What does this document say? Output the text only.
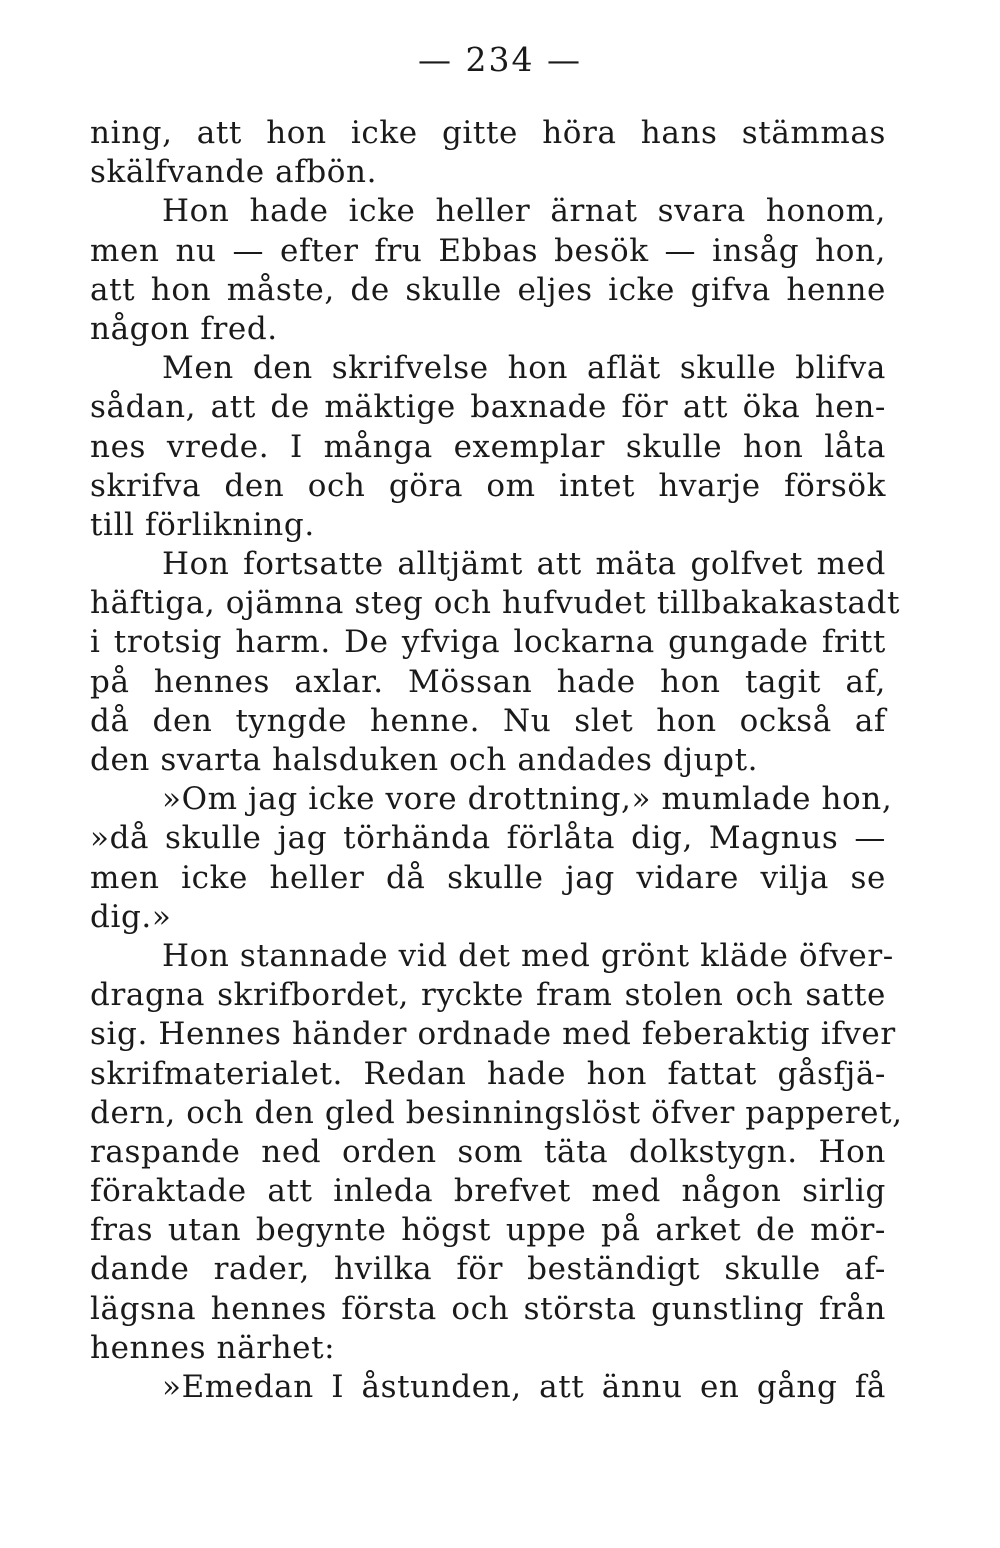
— 234 —
ning, att hon icke gitte höra hans stämmas
skälfvande afbön.
Hon hade icke heller ärnat svara honom,
men nu — efter fru Ebbas besök — insåg hon,
att hon måste, de skulle eljes icke gifva henne
någon fred.
Men den skrifvelse hon aflät skulle blifva
sådan, att de mäktige baxnade för att öka hen-
nes vrede. I många exemplar skulle hon låta
skrifva den och göra om intet hvarje försök
till förlikning.
Hon fortsatte alltjämt att mäta golfvet med
häftiga, ojämna steg och hufvudet tillbakakastadt
i trotsig harm. De yfviga lockarna gungade fritt
på hennes axlar. Mössan hade hon tagit af,
då den tyngde henne. Nu slet hon också af
den svarta halsduken och andades djupt.
»Om jag icke vore drottning,» mumlade hon,
»då skulle jag törhända förlåta dig, Magnus —
men icke heller då skulle jag vidare vilja se
dig.»
Hon stannade vid det med grönt kläde öfver-
dragna skrifbordet, ryckte fram stolen och satte
sig. Hennes händer ordnade med feberaktig ifver
skrifmaterialet. Redan hade hon fattat gåsfjä-
dern, och den gled besinningslöst öfver papperet,
raspande ned orden som täta dolkstygn. Hon
föraktade att inleda brefvet med någon sirlig
fras utan begynte högst uppe på arket de mör-
dande rader, hvilka för beständigt skulle af-
lägsna hennes första och största gunstling från
hennes närhet:
»Emedan I åstunden, att ännu en gång få
